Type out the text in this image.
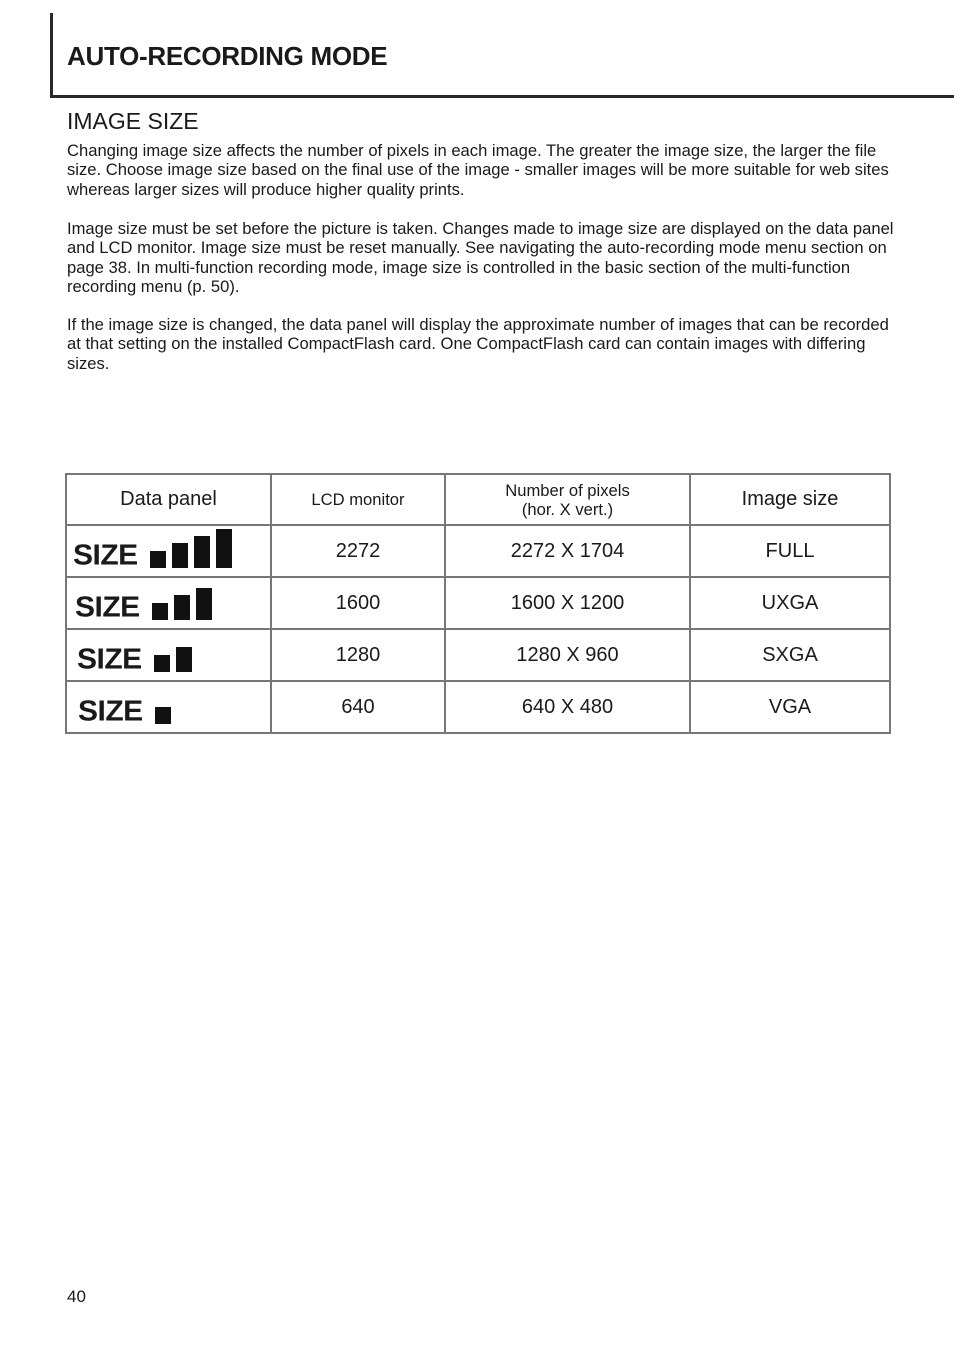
AUTO-RECORDING MODE
IMAGE SIZE

Changing image size affects the number of pixels in each image. The greater the image size, the larger the file size. Choose image size based on the final use of the image - smaller images will be more suitable for web sites whereas larger sizes will produce higher quality prints.

Image size must be set before the picture is taken. Changes made to image size are displayed on the data panel and LCD monitor. Image size must be reset manually. See navigating the auto-recording mode menu section on page 38. In multi-function recording mode, image size is controlled in the basic section of the multi-function recording menu (p. 50).

If the image size is changed, the data panel will display the approximate number of images that can be recorded at that setting on the installed CompactFlash card. One CompactFlash card can contain images with differing sizes.

Data panel	LCD monitor	Number of pixels
(hor. X vert.)	Image size

SIZE	2272	2272 X 1704	FULL

SIZE	1600	1600 X 1200	UXGA

SIZE	1280	1280 X 960	SXGA

SIZE	640	640 X 480	VGA

40
